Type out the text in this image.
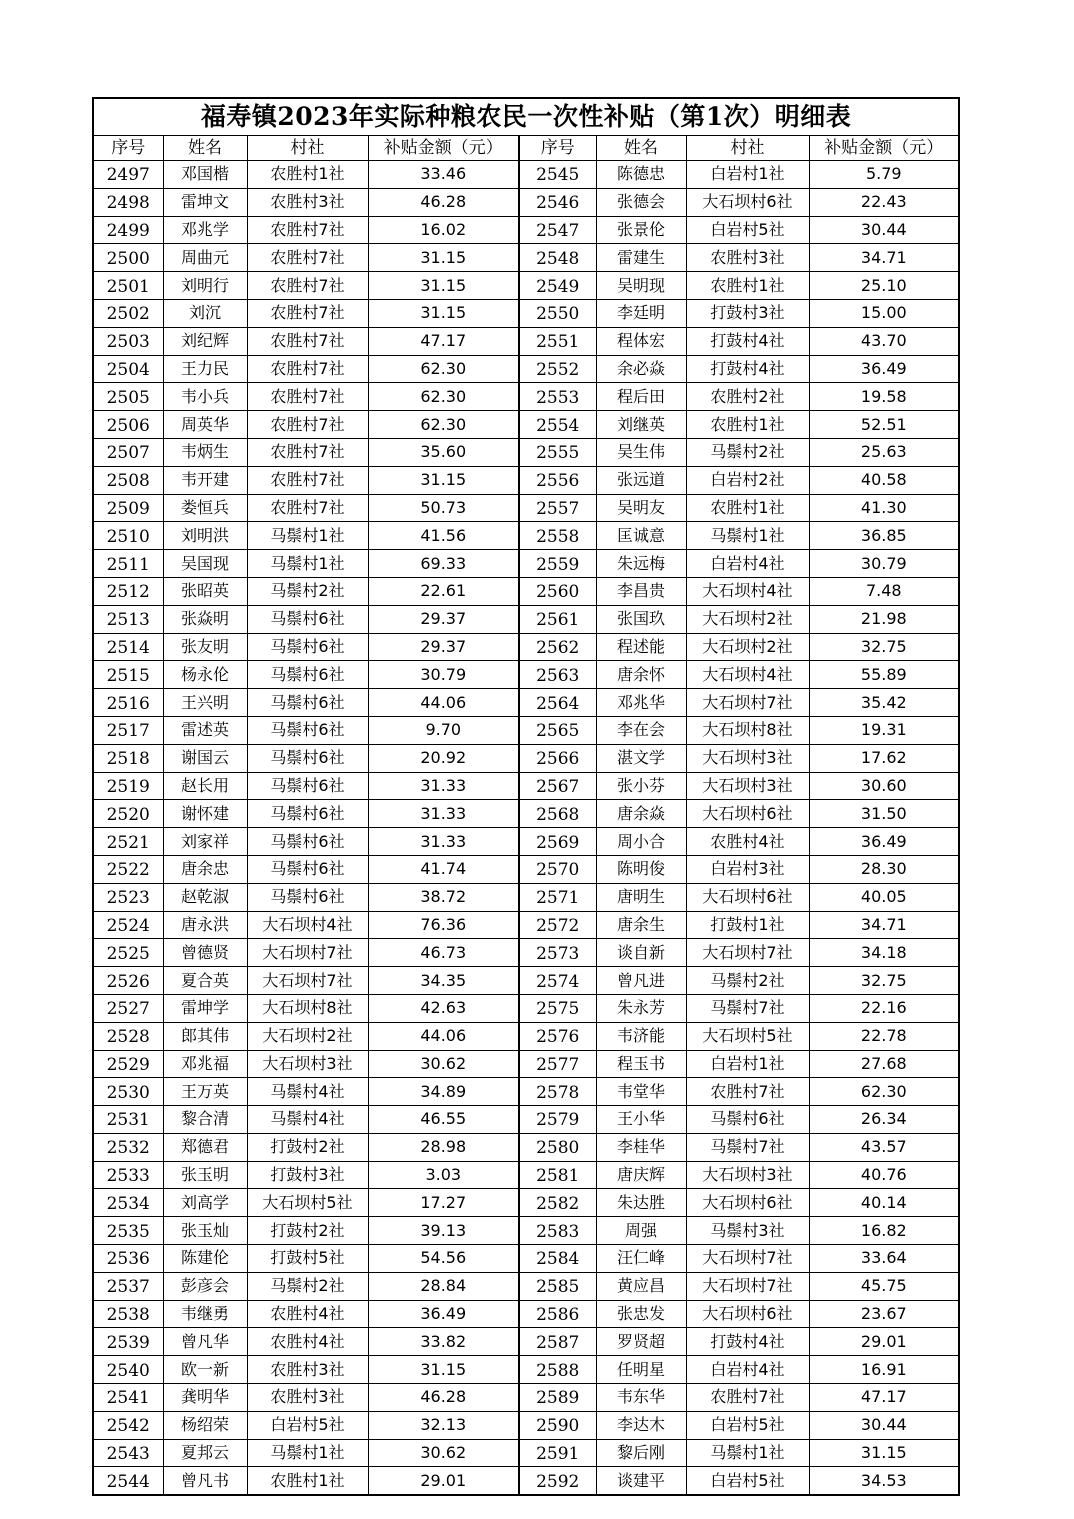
福寿镇2023年实际种粮农民一次性补贴（第1次）明细表							
序号	姓名	村社	补贴金额（元）	序号	姓名	村社	补贴金额（元）
2497	邓国楷	农胜村1社	33.46	2545	陈德忠	白岩村1社	5.79
2498	雷坤文	农胜村3社	46.28	2546	张德会	大石坝村6社	22.43
2499	邓兆学	农胜村7社	16.02	2547	张景伦	白岩村5社	30.44
2500	周曲元	农胜村7社	31.15	2548	雷建生	农胜村3社	34.71
2501	刘明行	农胜村7社	31.15	2549	吴明现	农胜村1社	25.10
2502	刘沉	农胜村7社	31.15	2550	李廷明	打鼓村3社	15.00
2503	刘纪辉	农胜村7社	47.17	2551	程体宏	打鼓村4社	43.70
2504	王力民	农胜村7社	62.30	2552	余必焱	打鼓村4社	36.49
2505	韦小兵	农胜村7社	62.30	2553	程后田	农胜村2社	19.58
2506	周英华	农胜村7社	62.30	2554	刘继英	农胜村1社	52.51
2507	韦炳生	农胜村7社	35.60	2555	吴生伟	马鬃村2社	25.63
2508	韦开建	农胜村7社	31.15	2556	张远道	白岩村2社	40.58
2509	娄恒兵	农胜村7社	50.73	2557	吴明友	农胜村1社	41.30
2510	刘明洪	马鬃村1社	41.56	2558	匡诚意	马鬃村1社	36.85
2511	吴国现	马鬃村1社	69.33	2559	朱远梅	白岩村4社	30.79
2512	张昭英	马鬃村2社	22.61	2560	李昌贵	大石坝村4社	7.48
2513	张焱明	马鬃村6社	29.37	2561	张国玖	大石坝村2社	21.98
2514	张友明	马鬃村6社	29.37	2562	程述能	大石坝村2社	32.75
2515	杨永伦	马鬃村6社	30.79	2563	唐余怀	大石坝村4社	55.89
2516	王兴明	马鬃村6社	44.06	2564	邓兆华	大石坝村7社	35.42
2517	雷述英	马鬃村6社	9.70	2565	李在会	大石坝村8社	19.31
2518	谢国云	马鬃村6社	20.92	2566	湛文学	大石坝村3社	17.62
2519	赵长用	马鬃村6社	31.33	2567	张小芬	大石坝村3社	30.60
2520	谢怀建	马鬃村6社	31.33	2568	唐余焱	大石坝村6社	31.50
2521	刘家祥	马鬃村6社	31.33	2569	周小合	农胜村4社	36.49
2522	唐余忠	马鬃村6社	41.74	2570	陈明俊	白岩村3社	28.30
2523	赵乾淑	马鬃村6社	38.72	2571	唐明生	大石坝村6社	40.05
2524	唐永洪	大石坝村4社	76.36	2572	唐余生	打鼓村1社	34.71
2525	曾德贤	大石坝村7社	46.73	2573	谈自新	大石坝村7社	34.18
2526	夏合英	大石坝村7社	34.35	2574	曾凡进	马鬃村2社	32.75
2527	雷坤学	大石坝村8社	42.63	2575	朱永芳	马鬃村7社	22.16
2528	郎其伟	大石坝村2社	44.06	2576	韦济能	大石坝村5社	22.78
2529	邓兆福	大石坝村3社	30.62	2577	程玉书	白岩村1社	27.68
2530	王万英	马鬃村4社	34.89	2578	韦堂华	农胜村7社	62.30
2531	黎合清	马鬃村4社	46.55	2579	王小华	马鬃村6社	26.34
2532	郑德君	打鼓村2社	28.98	2580	李桂华	马鬃村7社	43.57
2533	张玉明	打鼓村3社	3.03	2581	唐庆辉	大石坝村3社	40.76
2534	刘高学	大石坝村5社	17.27	2582	朱达胜	大石坝村6社	40.14
2535	张玉灿	打鼓村2社	39.13	2583	周强	马鬃村3社	16.82
2536	陈建伦	打鼓村5社	54.56	2584	汪仁峰	大石坝村7社	33.64
2537	彭彦会	马鬃村2社	28.84	2585	黄应昌	大石坝村7社	45.75
2538	韦继勇	农胜村4社	36.49	2586	张忠发	大石坝村6社	23.67
2539	曾凡华	农胜村4社	33.82	2587	罗贤超	打鼓村4社	29.01
2540	欧一新	农胜村3社	31.15	2588	任明星	白岩村4社	16.91
2541	龚明华	农胜村3社	46.28	2589	韦东华	农胜村7社	47.17
2542	杨绍荣	白岩村5社	32.13	2590	李达木	白岩村5社	30.44
2543	夏邦云	马鬃村1社	30.62	2591	黎后刚	马鬃村1社	31.15
2544	曾凡书	农胜村1社	29.01	2592	谈建平	白岩村5社	34.53
